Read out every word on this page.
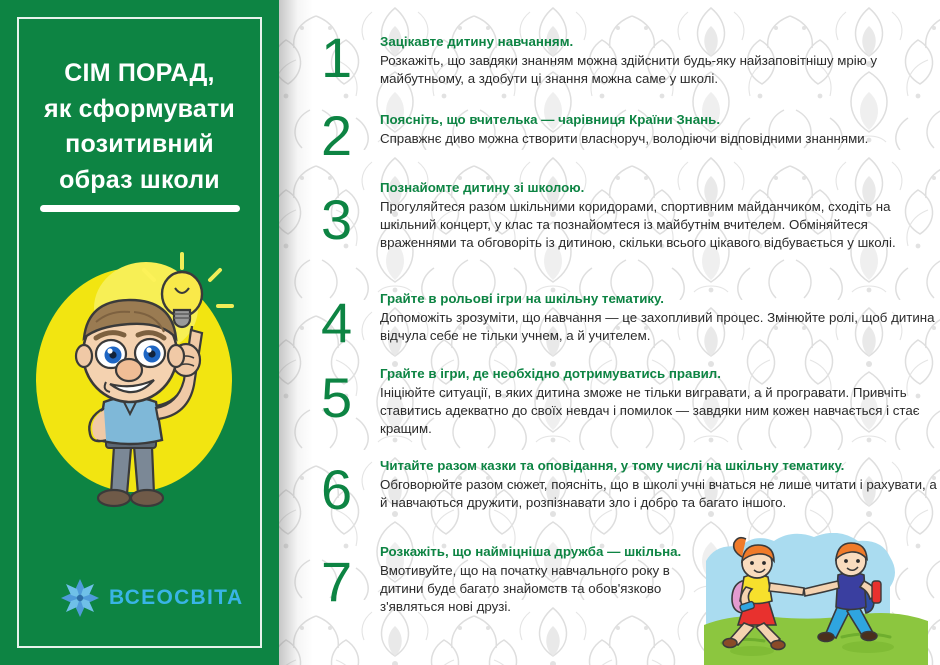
СІМ ПОРАД,
як сформувати
позитивний
образ школи
ВСЕОСВІТА
1	Зацікавте дитину навчанням.
Розкажіть, що завдяки знанням можна здійснити будь-яку найзаповітнішу мрію у майбутньому, а здобути ці знання можна саме у школі.
2	Поясніть, що вчителька — чарівниця Країни Знань.
Справжнє диво можна створити власноруч, володіючи відповідними знаннями.
3
Познайомте дитину зі школою.
Прогуляйтеся разом шкільними коридорами, спортивним майданчиком, сходіть на шкільний концерт, у клас та познайомтеся із майбутнім вчителем. Обміняйтеся враженнями та обговоріть із дитиною, скільки всього цікавого відбувається у школі.
4	Грайте в рольові ігри на шкільну тематику.
Допоможіть зрозуміти, що навчання — це захопливий процес. Змінюйте ролі, щоб дитина відчула себе не тільки учнем, а й учителем.
5	Грайте в ігри, де необхідно дотримуватись правил.
Ініціюйте ситуації, в яких дитина зможе не тільки вигравати, а й програвати. Привчіть ставитись адекватно до своїх невдач і помилок — завдяки ним кожен навчається і стає кращим.
6	Читайте разом казки та оповідання, у тому числі на шкільну тематику.
Обговорюйте разом сюжет, поясніть, що в школі учні вчаться не лише читати і рахувати, а й навчаються дружити, розпізнавати зло і добро та багато іншого.
7	Розкажіть, що найміцніша дружба — шкільна.
Вмотивуйте, що на початку навчального року в дитини буде багато знайомств та обов'язково з'являться нові друзі.
